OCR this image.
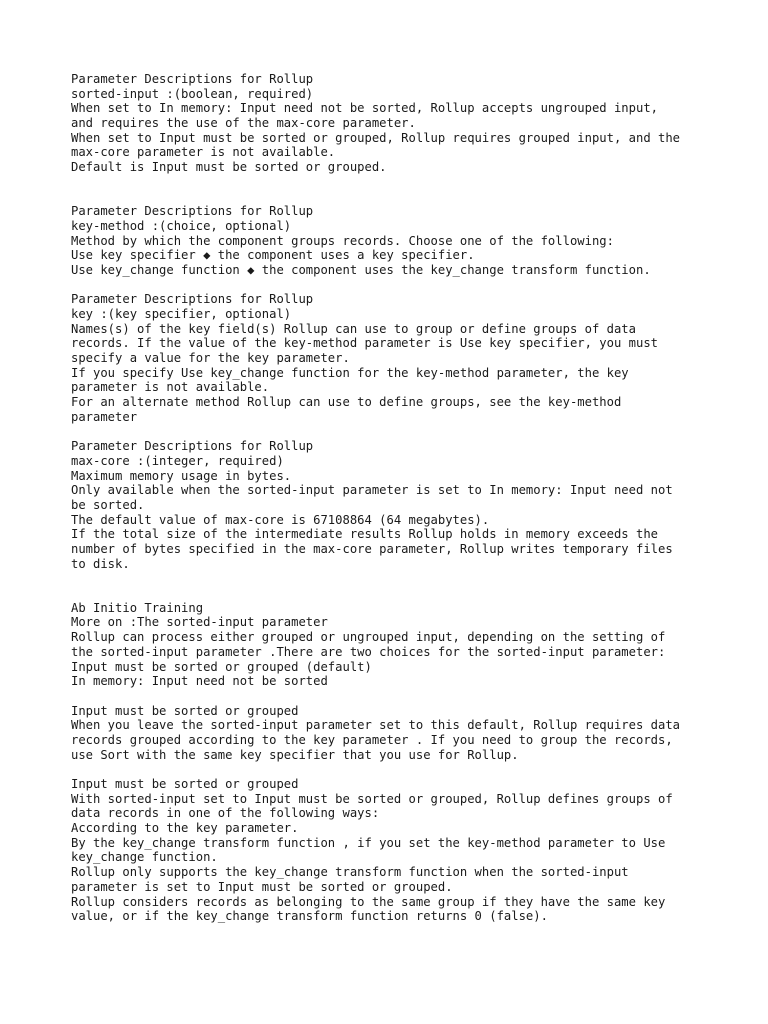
Parameter Descriptions for Rollup
sorted-input :(boolean, required)
When set to In memory: Input need not be sorted, Rollup accepts ungrouped input,
and requires the use of the max-core parameter.
When set to Input must be sorted or grouped, Rollup requires grouped input, and the
max-core parameter is not available.
Default is Input must be sorted or grouped.
Parameter Descriptions for Rollup
key-method :(choice, optional)
Method by which the component groups records. Choose one of the following:
Use key specifier ◆ the component uses a key specifier.
Use key_change function ◆ the component uses the key_change transform function.
Parameter Descriptions for Rollup
key :(key specifier, optional)
Names(s) of the key field(s) Rollup can use to group or define groups of data
records. If the value of the key-method parameter is Use key specifier, you must
specify a value for the key parameter.
If you specify Use key_change function for the key-method parameter, the key
parameter is not available.
For an alternate method Rollup can use to define groups, see the key-method
parameter
Parameter Descriptions for Rollup
max-core :(integer, required)
Maximum memory usage in bytes.
Only available when the sorted-input parameter is set to In memory: Input need not
be sorted.
The default value of max-core is 67108864 (64 megabytes).
If the total size of the intermediate results Rollup holds in memory exceeds the
number of bytes specified in the max-core parameter, Rollup writes temporary files
to disk.
Ab Initio Training
More on :The sorted-input parameter
Rollup can process either grouped or ungrouped input, depending on the setting of
the sorted-input parameter .There are two choices for the sorted-input parameter:
Input must be sorted or grouped (default)
In memory: Input need not be sorted
Input must be sorted or grouped
When you leave the sorted-input parameter set to this default, Rollup requires data
records grouped according to the key parameter . If you need to group the records,
use Sort with the same key specifier that you use for Rollup.
Input must be sorted or grouped
With sorted-input set to Input must be sorted or grouped, Rollup defines groups of
data records in one of the following ways:
According to the key parameter.
By the key_change transform function , if you set the key-method parameter to Use
key_change function.
Rollup only supports the key_change transform function when the sorted-input
parameter is set to Input must be sorted or grouped.
Rollup considers records as belonging to the same group if they have the same key
value, or if the key_change transform function returns 0 (false).
